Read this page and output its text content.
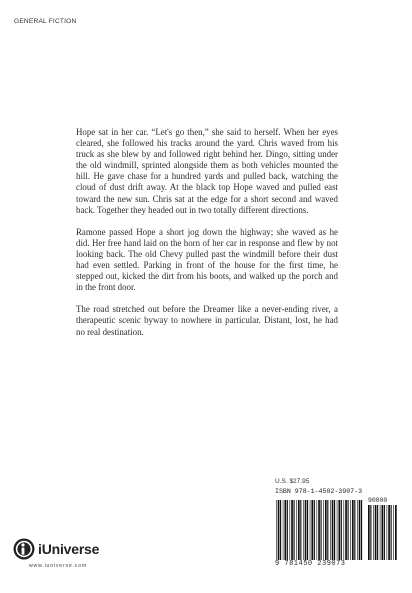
GENERAL FICTION

Hope sat in her car. “Let's go then,” she said to herself. When her eyes cleared, she followed his tracks around the yard. Chris waved from his truck as she blew by and followed right behind her. Dingo, sitting under the old windmill, sprinted alongside them as both vehicles mounted the hill. He gave chase for a hundred yards and pulled back, watching the cloud of dust drift away. At the black top Hope waved and pulled east toward the new sun. Chris sat at the edge for a short second and waved back. Together they headed out in two totally different directions.

Ramone passed Hope a short jog down the highway; she waved as he did. Her free hand laid on the horn of her car in response and flew by not looking back. The old Chevy pulled past the windmill before their dust had even settled. Parking in front of the house for the first time, he stepped out, kicked the dirt from his boots, and walked up the porch and in the front door.

The road stretched out before the Dreamer like a never-ending river, a therapeutic scenic byway to nowhere in particular. Distant, lost, he had no real destination.

U.S. $27.95
ISBN 978-1-4502-3907-3
90000
9 781450 239073
iUniverse
www.iuniverse.com
